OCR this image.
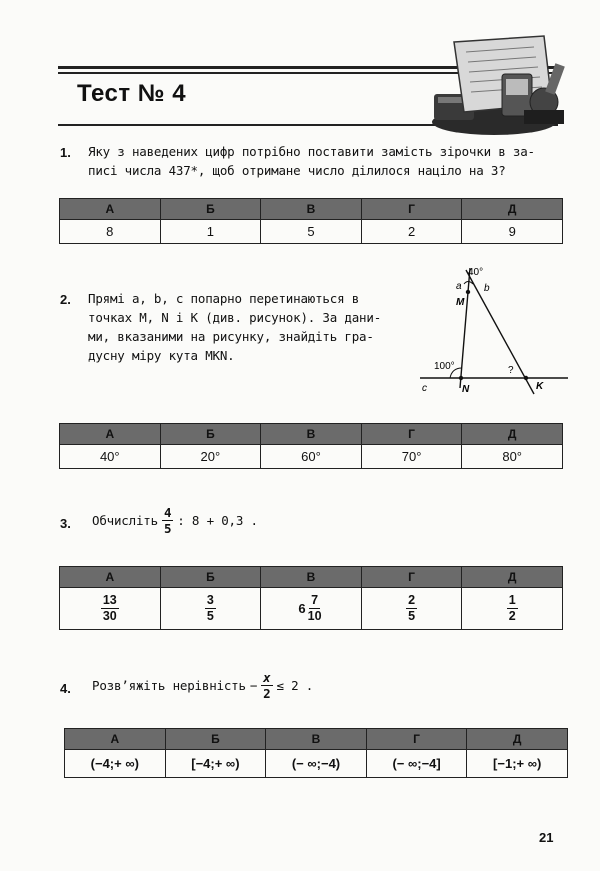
Тест № 4
1. Яку з наведених цифр потрібно поставити замість зірочки в за-
писі числа 437*, щоб отримане число ділилося націло на 3?
А	Б	В	Г	Д
8	1	5	2	9
2. Прямі a, b, c попарно перетинаються в
точках M, N і K (див. рисунок). За дани-
ми, вказаними на рисунку, знайдіть гра-
дусну міру кута MKN.
40°
a b
M
100°	?
c	N	K
А	Б	В	Г	Д
40°	20°	60°	70°	80°
3. Обчисліть $\frac{4}{5}$ : 8 + 0,3 .
А	Б	В	Г	Д

$\frac{13}{30}$	$\frac{3}{5}$	$6 \frac{7}{10}$	$\frac{2}{5}$	$\frac{1}{2}$
4. Розв’яжіть нерівність − $\frac{x}{2} \le 2$ .
А	Б	В	Г	Д
(−4;+ ∞)	[−4;+ ∞)	(− ∞;−4)	(− ∞;−4]	[−1;+ ∞)
21
